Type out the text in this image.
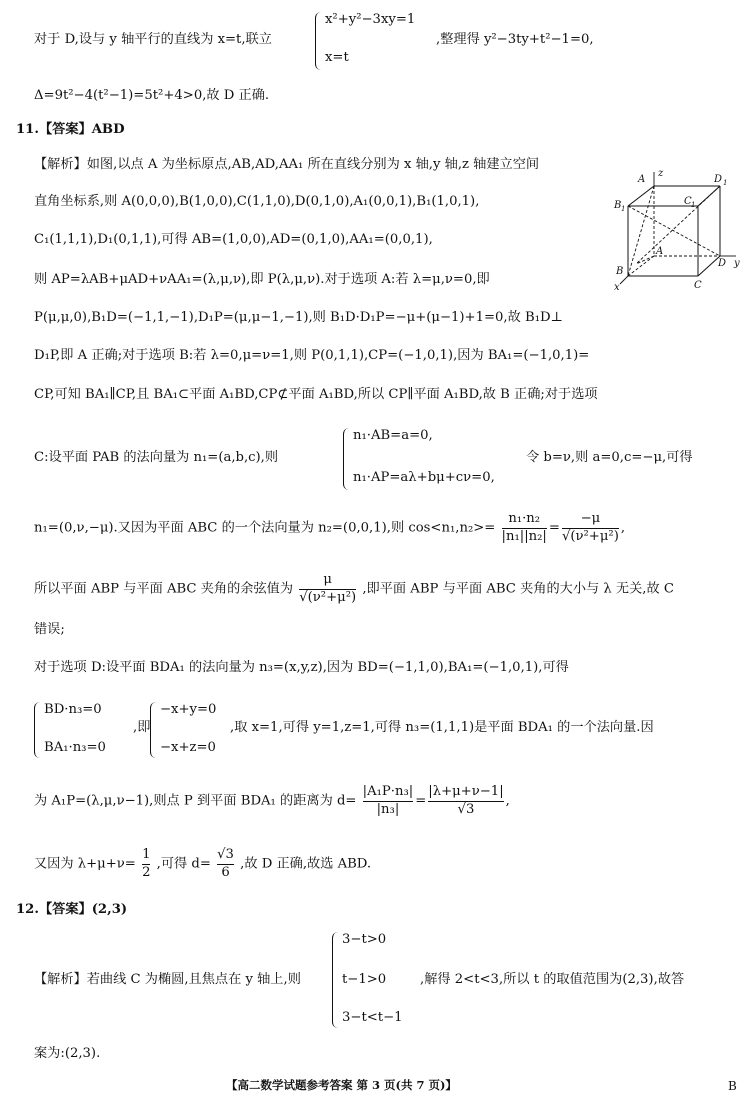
对于 D,设与 y 轴平行的直线为 x=t,联立
x²+y²−3xy=1
x=t
,整理得 y²−3ty+t²−1=0,
Δ=9t²−4(t²−1)=5t²+4>0,故 D 正确.
11.【答案】ABD
【解析】如图,以点 A 为坐标原点,AB,AD,AA₁ 所在直线分别为 x 轴,y 轴,z 轴建立空间
直角坐标系,则 A(0,0,0),B(1,0,0),C(1,1,0),D(0,1,0),A₁(0,0,1),B₁(1,0,1),
C₁(1,1,1),D₁(0,1,1),可得 AB=(1,0,0),AD=(0,1,0),AA₁=(0,0,1),
则 AP=λAB+μAD+νAA₁=(λ,μ,ν),即 P(λ,μ,ν).对于选项 A:若 λ=μ,ν=0,即
P(μ,μ,0),B₁D=(−1,1,−1),D₁P=(μ,μ−1,−1),则 B₁D·D₁P=−μ+(μ−1)+1=0,故 B₁D⊥
D₁P,即 A 正确;对于选项 B:若 λ=0,μ=ν=1,则 P(0,1,1),CP=(−1,0,1),因为 BA₁=(−1,0,1)=
CP,可知 BA₁∥CP,且 BA₁⊂平面 A₁BD,CP⊄平面 A₁BD,所以 CP∥平面 A₁BD,故 B 正确;对于选项
A
z
D 1
B 1
C 1
A
B
D y
C
x
C:设平面 PAB 的法向量为 n₁=(a,b,c),则
n₁·AB=a=0,
n₁·AP=aλ+bμ+cν=0,
令 b=ν,则 a=0,c=−μ,可得
n₁=(0,ν,−μ).又因为平面 ABC 的一个法向量为 n₂=(0,0,1),则 $\cos<n_1,n_2>= \frac{\text{n₁·n₂}}{\text{|n₁||n₂|}} = \frac{-\mu}{\text{√(ν²+μ²)}}$ ,
所以平面 ABP 与平面 ABC 夹角的余弦值为 $\frac{\mu}{\text{√(ν²+μ²)}}$ ,即平面 ABP 与平面 ABC 夹角的大小与 λ 无关,故 C
错误;
对于选项 D:设平面 BDA₁ 的法向量为 n₃=(x,y,z),因为 BD=(−1,1,0),BA₁=(−1,0,1),可得
BD·n₃=0
BA₁·n₃=0
,即
−x+y=0
−x+z=0
,取 x=1,可得 y=1,z=1,可得 n₃=(1,1,1)是平面 BDA₁ 的一个法向量.因
为 A₁P=(λ,μ,ν−1),则点 P 到平面 BDA₁ 的距离为 $d= \frac{\text{|A₁P·n₃|}}{\text{|n₃|}} = \frac{|\lambda+\mu+\nu-1|}{√3}$ ,
又因为 $\lambda+\mu+\nu= \frac{1}{2}$ ,可得 $d= \frac{√3}{6}$ ,故 D 正确,故选 ABD.
12.【答案】(2,3)
【解析】若曲线 C 为椭圆,且焦点在 y 轴上,则
3−t>0
t−1>0
3−t<t−1
,解得 2<t<3,所以 t 的取值范围为(2,3),故答
案为:(2,3).
【高二数学试题参考答案 第 3 页(共 7 页)】	B
